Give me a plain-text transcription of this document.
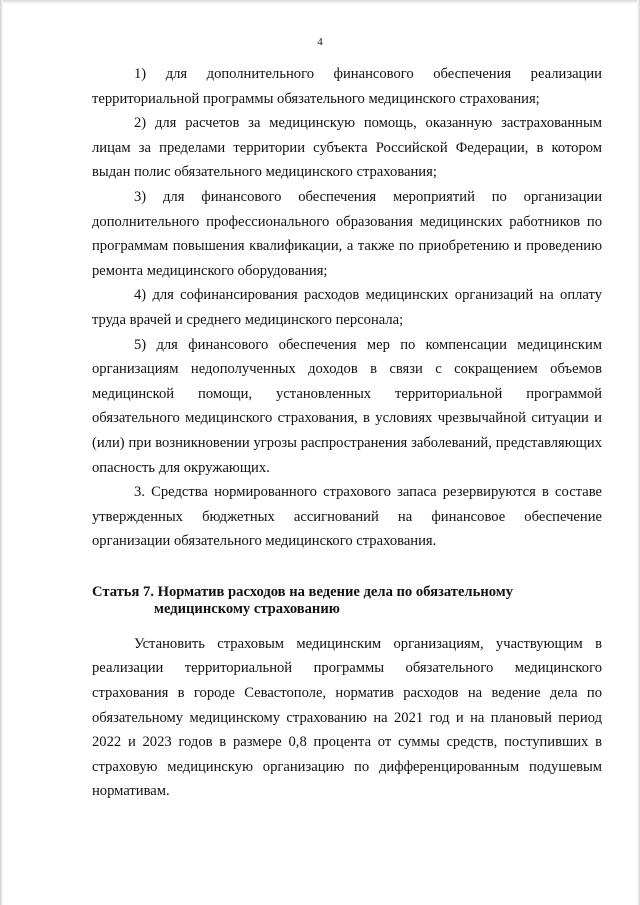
4

1) для дополнительного финансового обеспечения реализации территориальной программы обязательного медицинского страхования;

2) для расчетов за медицинскую помощь, оказанную застрахованным лицам за пределами территории субъекта Российской Федерации, в котором выдан полис обязательного медицинского страхования;

3) для финансового обеспечения мероприятий по организации дополнительного профессионального образования медицинских работников по программам повышения квалификации, а также по приобретению и проведению ремонта медицинского оборудования;

4) для софинансирования расходов медицинских организаций на оплату труда врачей и среднего медицинского персонала;

5) для финансового обеспечения мер по компенсации медицинским организациям недополученных доходов в связи с сокращением объемов медицинской помощи, установленных территориальной программой обязательного медицинского страхования, в условиях чрезвычайной ситуации и (или) при возникновении угрозы распространения заболеваний, представляющих опасность для окружающих.

3. Средства нормированного страхового запаса резервируются в составе утвержденных бюджетных ассигнований на финансовое обеспечение организации обязательного медицинского страхования.

Статья 7. Норматив расходов на ведение дела по обязательному
медицинскому страхованию

Установить страховым медицинским организациям, участвующим в реализации территориальной программы обязательного медицинского страхования в городе Севастополе, норматив расходов на ведение дела по обязательному медицинскому страхованию на 2021 год и на плановый период 2022 и 2023 годов в размере 0,8 процента от суммы средств, поступивших в страховую медицинскую организацию по дифференцированным подушевым нормативам.
